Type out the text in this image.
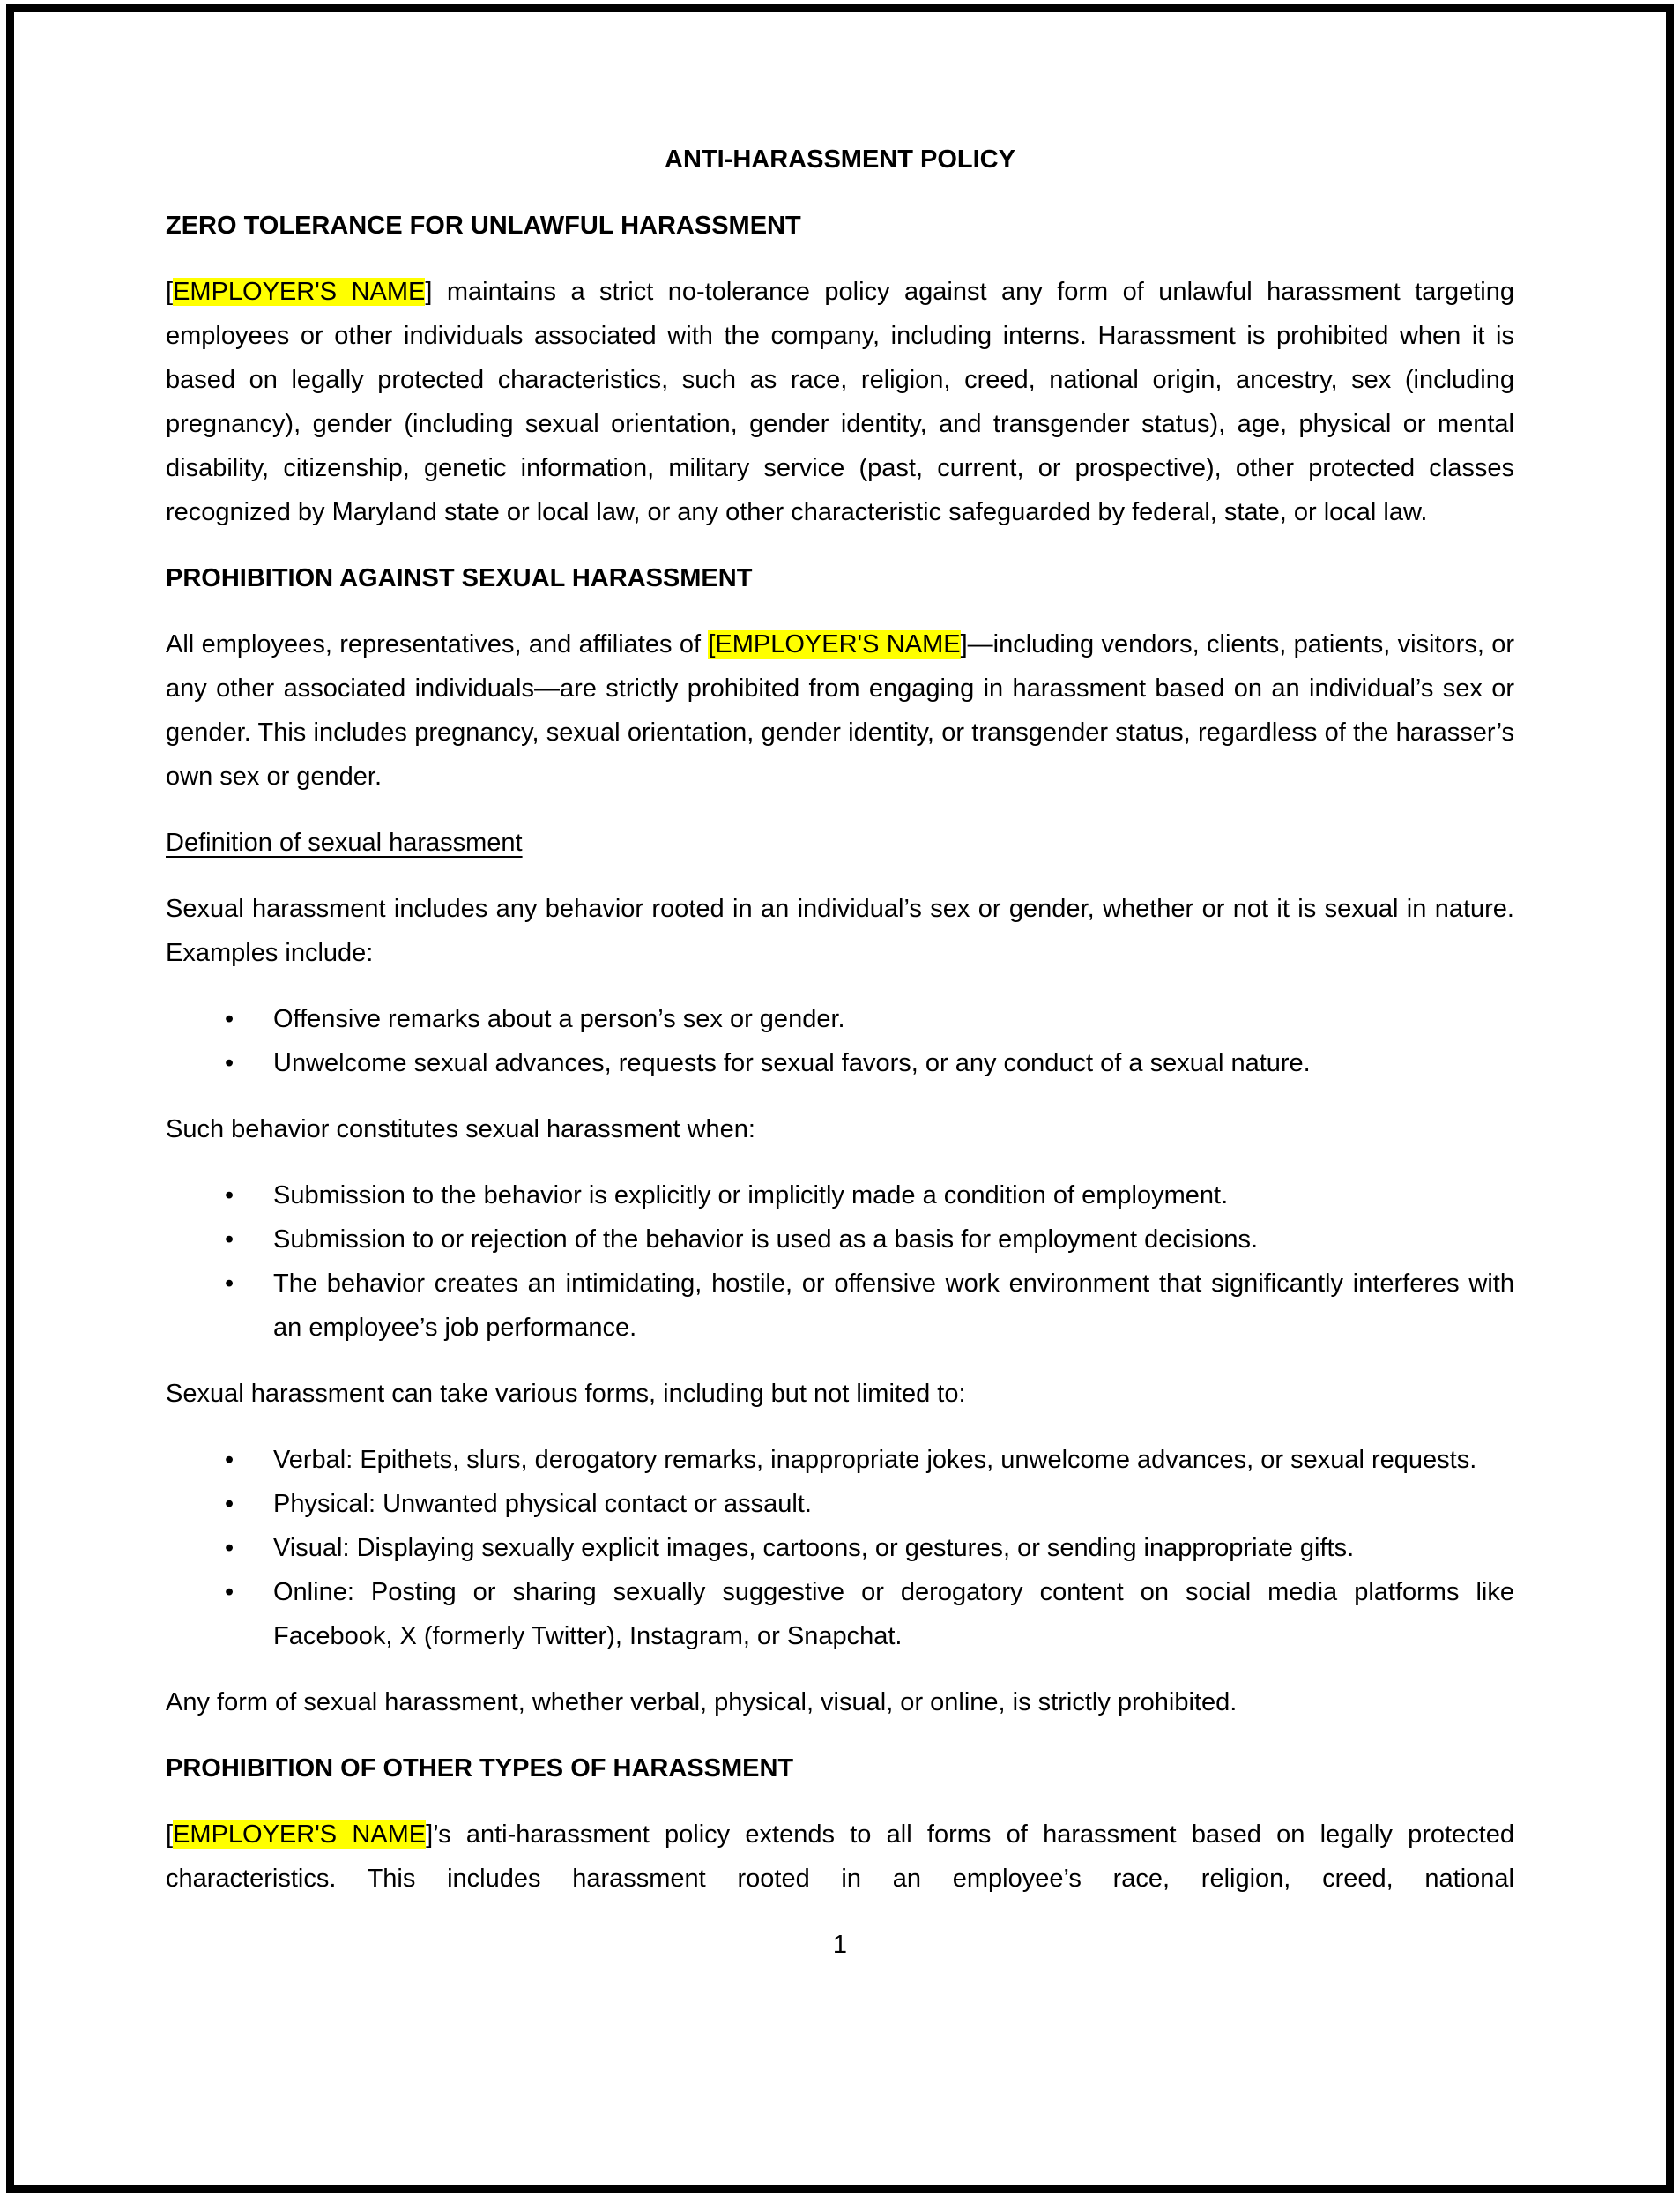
ANTI-HARASSMENT POLICY
ZERO TOLERANCE FOR UNLAWFUL HARASSMENT
[EMPLOYER'S NAME] maintains a strict no-tolerance policy against any form of unlawful harassment targeting employees or other individuals associated with the company, including interns. Harassment is prohibited when it is based on legally protected characteristics, such as race, religion, creed, national origin, ancestry, sex (including pregnancy), gender (including sexual orientation, gender identity, and transgender status), age, physical or mental disability, citizenship, genetic information, military service (past, current, or prospective), other protected classes recognized by Maryland state or local law, or any other characteristic safeguarded by federal, state, or local law.
PROHIBITION AGAINST SEXUAL HARASSMENT
All employees, representatives, and affiliates of [EMPLOYER'S NAME]—including vendors, clients, patients, visitors, or any other associated individuals—are strictly prohibited from engaging in harassment based on an individual’s sex or gender. This includes pregnancy, sexual orientation, gender identity, or transgender status, regardless of the harasser’s own sex or gender.
Definition of sexual harassment
Sexual harassment includes any behavior rooted in an individual’s sex or gender, whether or not it is sexual in nature. Examples include:
• Offensive remarks about a person’s sex or gender.
• Unwelcome sexual advances, requests for sexual favors, or any conduct of a sexual nature.
Such behavior constitutes sexual harassment when:
• Submission to the behavior is explicitly or implicitly made a condition of employment.
• Submission to or rejection of the behavior is used as a basis for employment decisions.
• The behavior creates an intimidating, hostile, or offensive work environment that significantly interferes with an employee’s job performance.
Sexual harassment can take various forms, including but not limited to:
• Verbal: Epithets, slurs, derogatory remarks, inappropriate jokes, unwelcome advances, or sexual requests.
• Physical: Unwanted physical contact or assault.
• Visual: Displaying sexually explicit images, cartoons, or gestures, or sending inappropriate gifts.
• Online: Posting or sharing sexually suggestive or derogatory content on social media platforms like Facebook, X (formerly Twitter), Instagram, or Snapchat.
Any form of sexual harassment, whether verbal, physical, visual, or online, is strictly prohibited.
PROHIBITION OF OTHER TYPES OF HARASSMENT
[EMPLOYER'S NAME]’s anti-harassment policy extends to all forms of harassment based on legally protected characteristics. This includes harassment rooted in an employee’s race, religion, creed, national
1
